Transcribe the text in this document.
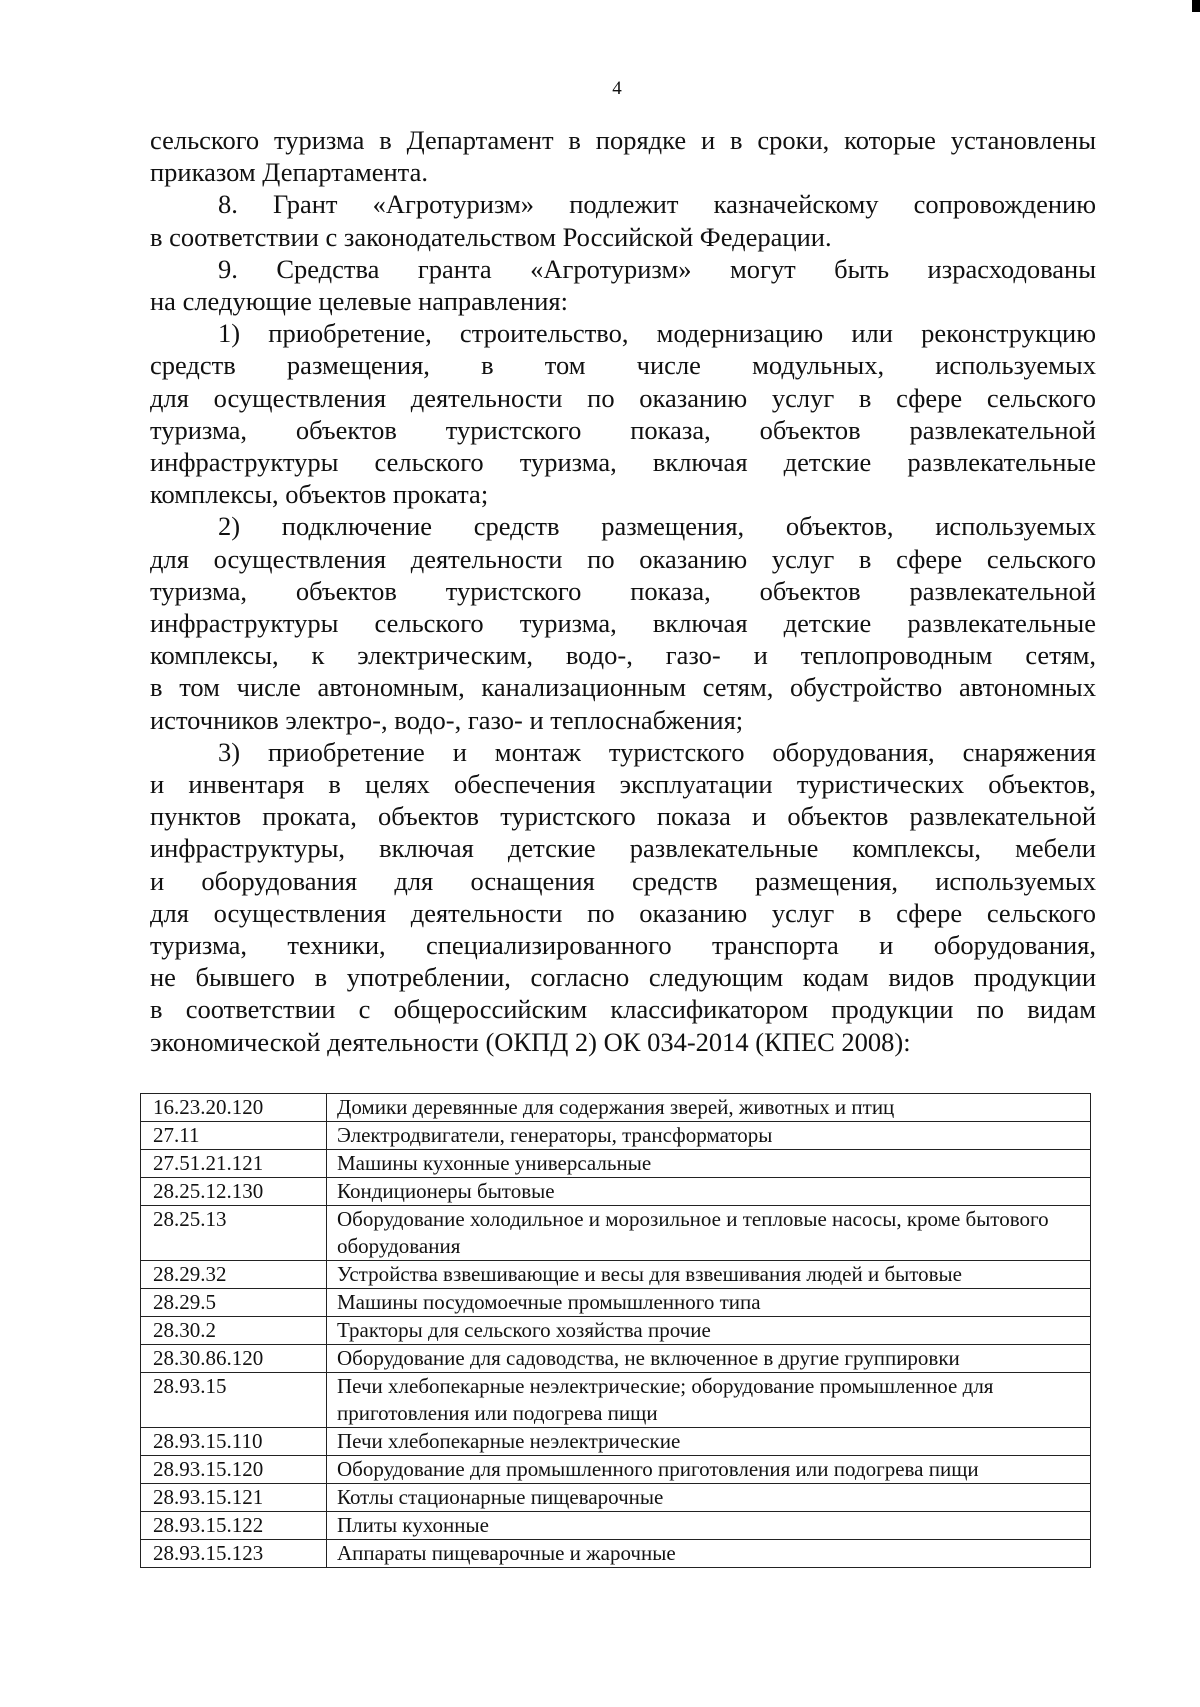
4
сельского туризма в Департамент в порядке и в сроки, которые установлены
приказом Департамента.
8. Грант «Агротуризм» подлежит казначейскому сопровождению
в соответствии с законодательством Российской Федерации.
9. Средства гранта «Агротуризм» могут быть израсходованы
на следующие целевые направления:
1) приобретение, строительство, модернизацию или реконструкцию
средств размещения, в том числе модульных, используемых
для осуществления деятельности по оказанию услуг в сфере сельского
туризма, объектов туристского показа, объектов развлекательной
инфраструктуры сельского туризма, включая детские развлекательные
комплексы, объектов проката;
2) подключение средств размещения, объектов, используемых
для осуществления деятельности по оказанию услуг в сфере сельского
туризма, объектов туристского показа, объектов развлекательной
инфраструктуры сельского туризма, включая детские развлекательные
комплексы, к электрическим, водо-, газо- и теплопроводным сетям,
в том числе автономным, канализационным сетям, обустройство автономных
источников электро-, водо-, газо- и теплоснабжения;
3) приобретение и монтаж туристского оборудования, снаряжения
и инвентаря в целях обеспечения эксплуатации туристических объектов,
пунктов проката, объектов туристского показа и объектов развлекательной
инфраструктуры, включая детские развлекательные комплексы, мебели
и оборудования для оснащения средств размещения, используемых
для осуществления деятельности по оказанию услуг в сфере сельского
туризма, техники, специализированного транспорта и оборудования,
не бывшего в употреблении, согласно следующим кодам видов продукции
в соответствии с общероссийским классификатором продукции по видам
экономической деятельности (ОКПД 2) ОК 034-2014 (КПЕС 2008):
16.23.20.120	Домики деревянные для содержания зверей, животных и птиц
27.11	Электродвигатели, генераторы, трансформаторы
27.51.21.121	Машины кухонные универсальные
28.25.12.130	Кондиционеры бытовые
28.25.13	Оборудование холодильное и морозильное и тепловые насосы, кроме бытового оборудования
28.29.32	Устройства взвешивающие и весы для взвешивания людей и бытовые
28.29.5	Машины посудомоечные промышленного типа
28.30.2	Тракторы для сельского хозяйства прочие
28.30.86.120	Оборудование для садоводства, не включенное в другие группировки
28.93.15	Печи хлебопекарные неэлектрические; оборудование промышленное для приготовления или подогрева пищи
28.93.15.110	Печи хлебопекарные неэлектрические
28.93.15.120	Оборудование для промышленного приготовления или подогрева пищи
28.93.15.121	Котлы стационарные пищеварочные
28.93.15.122	Плиты кухонные
28.93.15.123	Аппараты пищеварочные и жарочные
